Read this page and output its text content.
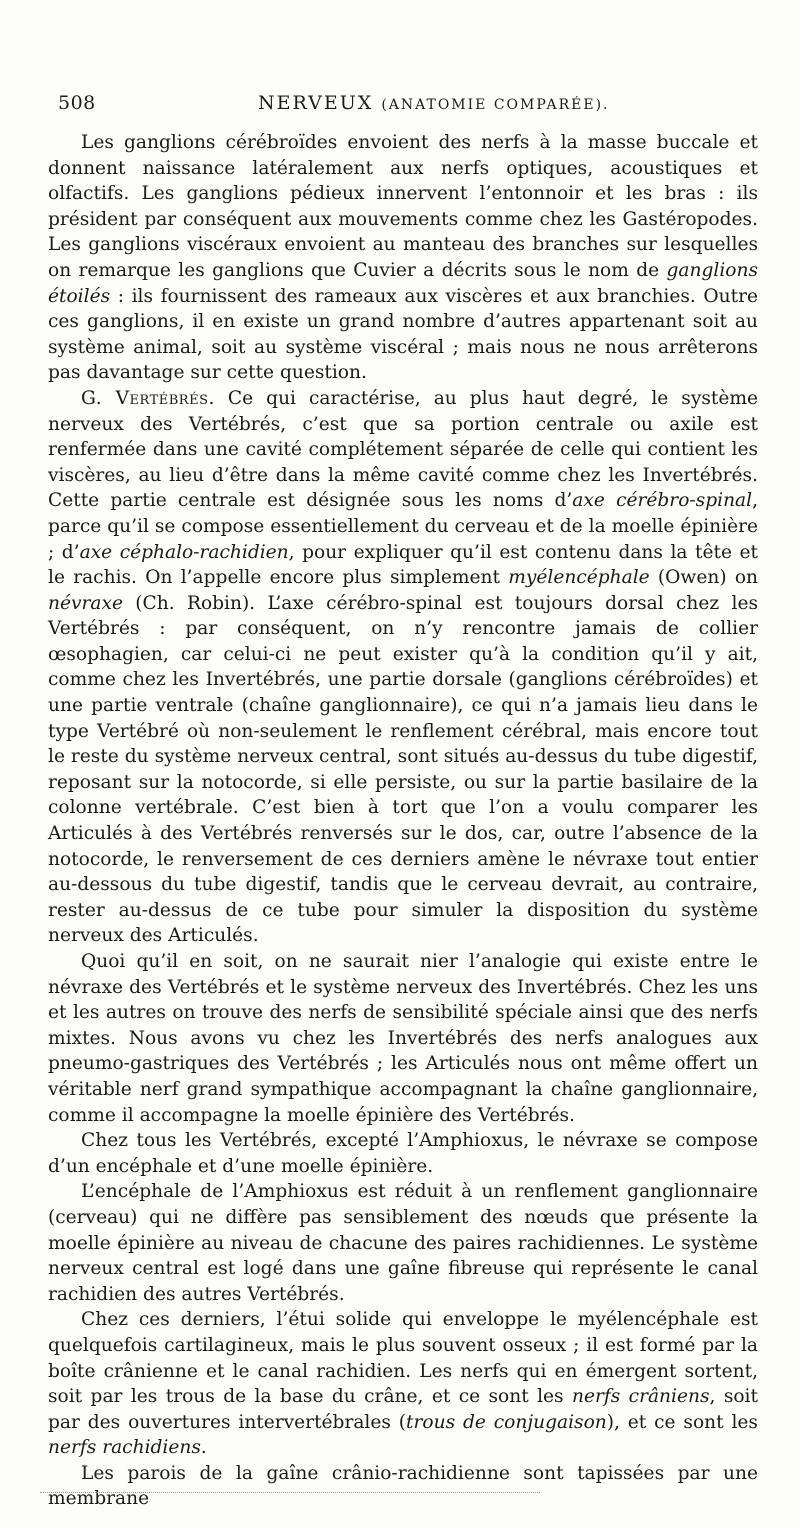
508	NERVEUX (ANATOMIE COMPARÉE).

Les ganglions cérébroïdes envoient des nerfs à la masse buccale et donnent naissance latéralement aux nerfs optiques, acoustiques et olfactifs. Les ganglions pédieux innervent l’entonnoir et les bras : ils président par conséquent aux mouvements comme chez les Gastéropodes. Les ganglions viscéraux envoient au manteau des branches sur lesquelles on remarque les ganglions que Cuvier a décrits sous le nom de ganglions étoilés : ils fournissent des rameaux aux viscères et aux branchies. Outre ces ganglions, il en existe un grand nombre d’autres appartenant soit au système animal, soit au système viscéral ; mais nous ne nous arrêterons pas davantage sur cette question.

G. Vertébrés. Ce qui caractérise, au plus haut degré, le système nerveux des Vertébrés, c’est que sa portion centrale ou axile est renfermée dans une cavité complétement séparée de celle qui contient les viscères, au lieu d’être dans la même cavité comme chez les Invertébrés. Cette partie centrale est désignée sous les noms d’axe cérébro-spinal, parce qu’il se compose essentiellement du cerveau et de la moelle épinière ; d’axe céphalo-rachidien, pour expliquer qu’il est contenu dans la tête et le rachis. On l’appelle encore plus simplement myélencéphale (Owen) on névraxe (Ch. Robin). L’axe cérébro-spinal est toujours dorsal chez les Vertébrés : par conséquent, on n’y rencontre jamais de collier œsophagien, car celui-ci ne peut exister qu’à la condition qu’il y ait, comme chez les Invertébrés, une partie dorsale (ganglions cérébroïdes) et une partie ventrale (chaîne ganglionnaire), ce qui n’a jamais lieu dans le type Vertébré où non-seulement le renflement cérébral, mais encore tout le reste du système nerveux central, sont situés au-dessus du tube digestif, reposant sur la notocorde, si elle persiste, ou sur la partie basilaire de la colonne vertébrale. C’est bien à tort que l’on a voulu comparer les Articulés à des Vertébrés renversés sur le dos, car, outre l’absence de la notocorde, le renversement de ces derniers amène le névraxe tout entier au-dessous du tube digestif, tandis que le cerveau devrait, au contraire, rester au-dessus de ce tube pour simuler la disposition du système nerveux des Articulés.

Quoi qu’il en soit, on ne saurait nier l’analogie qui existe entre le névraxe des Vertébrés et le système nerveux des Invertébrés. Chez les uns et les autres on trouve des nerfs de sensibilité spéciale ainsi que des nerfs mixtes. Nous avons vu chez les Invertébrés des nerfs analogues aux pneumo-gastriques des Vertébrés ; les Articulés nous ont même offert un véritable nerf grand sympathique accompagnant la chaîne ganglionnaire, comme il accompagne la moelle épinière des Vertébrés.

Chez tous les Vertébrés, excepté l’Amphioxus, le névraxe se compose d’un encéphale et d’une moelle épinière.

L’encéphale de l’Amphioxus est réduit à un renflement ganglionnaire (cerveau) qui ne diffère pas sensiblement des nœuds que présente la moelle épinière au niveau de chacune des paires rachidiennes. Le système nerveux central est logé dans une gaîne fibreuse qui représente le canal rachidien des autres Vertébrés.

Chez ces derniers, l’étui solide qui enveloppe le myélencéphale est quelquefois cartilagineux, mais le plus souvent osseux ; il est formé par la boîte crânienne et le canal rachidien. Les nerfs qui en émergent sortent, soit par les trous de la base du crâne, et ce sont les nerfs crâniens, soit par des ouvertures intervertébrales (trous de conjugaison), et ce sont les nerfs rachidiens.

Les parois de la gaîne crânio-rachidienne sont tapissées par une membrane
